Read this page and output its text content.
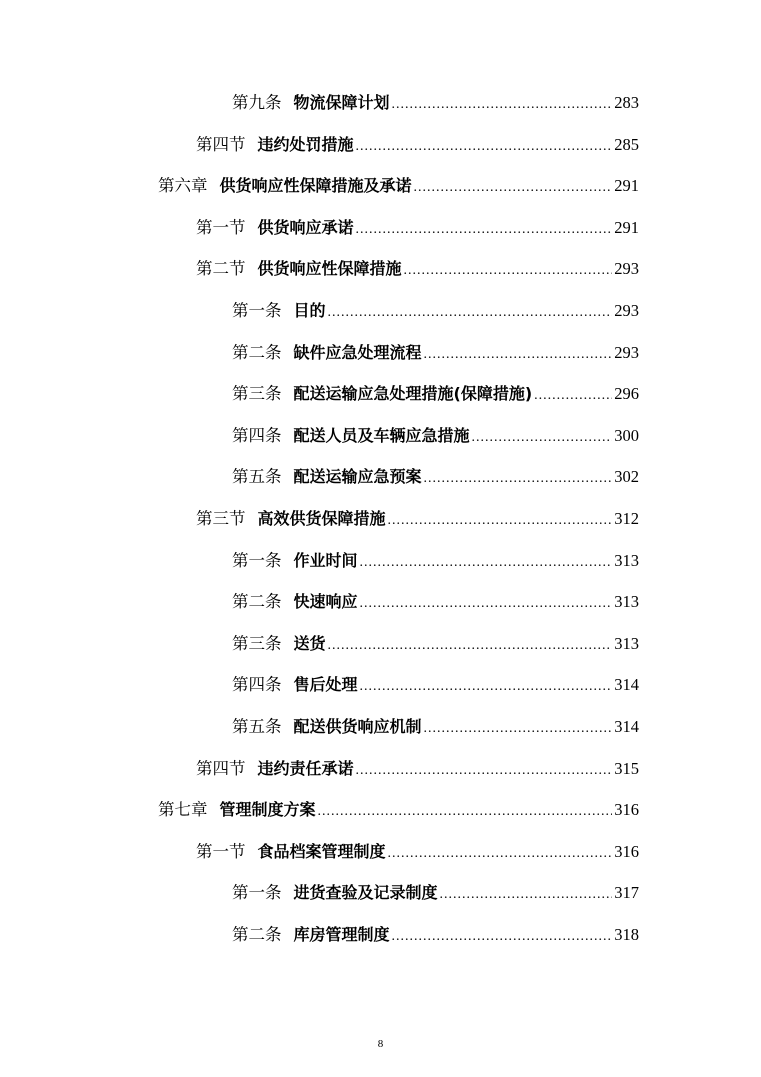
第九条 物流保障计划 .....	283
第四节 违约处罚措施 .....	285
第六章 供货响应性保障措施及承诺 .....	291
第一节 供货响应承诺 .....	291
第二节 供货响应性保障措施 .....	293
第一条 目的 .....	293
第二条 缺件应急处理流程 .....	293
第三条 配送运输应急处理措施(保障措施) .....	296
第四条 配送人员及车辆应急措施 .....	300
第五条 配送运输应急预案 .....	302
第三节 高效供货保障措施 .....	312
第一条 作业时间 .....	313
第二条 快速响应 .....	313
第三条 送货 .....	313
第四条 售后处理 .....	314
第五条 配送供货响应机制 .....	314
第四节 违约责任承诺 .....	315
第七章 管理制度方案 .....	316
第一节 食品档案管理制度 .....	316
第一条 进货查验及记录制度 .....	317
第二条 库房管理制度 .....	318
8
